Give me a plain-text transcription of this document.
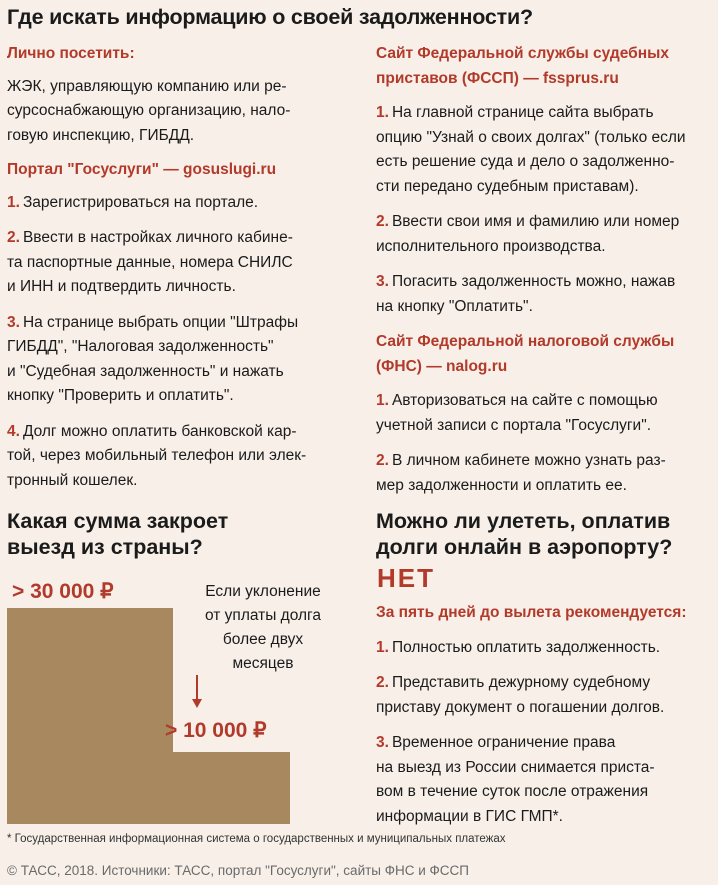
Где искать информацию о своей задолженности?

Лично посетить:

ЖЭК, управляющую компанию или ре-

сурсоснабжающую организацию, нало-

говую инспекцию, ГИБДД.

Портал "Госуслуги" — gosuslugi.ru

1. Зарегистрироваться на портале.

2. Ввести в настройках личного кабине-

та паспортные данные, номера СНИЛС

и ИНН и подтвердить личность.

3. На странице выбрать опции "Штрафы

ГИБДД", "Налоговая задолженность"

и "Судебная задолженность" и нажать

кнопку "Проверить и оплатить".

4. Долг можно оплатить банковской кар-

той, через мобильный телефон или элек-

тронный кошелек.

Сайт Федеральной службы судебных

приставов (ФССП) — fssprus.ru

1. На главной странице сайта выбрать

опцию "Узнай о своих долгах" (только если

есть решение суда и дело о задолженно-

сти передано судебным приставам).

2. Ввести свои имя и фамилию или номер

исполнительного производства.

3. Погасить задолженность можно, нажав

на кнопку "Оплатить".

Сайт Федеральной налоговой службы

(ФНС) — nalog.ru

1. Авторизоваться на сайте с помощью

учетной записи с портала "Госуслуги".

2. В личном кабинете можно узнать раз-

мер задолженности и оплатить ее.

Какая сумма закроет

выезд из страны?

> 30 000 ₽	Если уклонение
от уплаты долга
более двух
месяцев
> 10 000 ₽

Можно ли улететь, оплатив

долги онлайн в аэропорту?

НЕТ

За пять дней до вылета рекомендуется:

1. Полностью оплатить задолженность.

2. Представить дежурному судебному

приставу документ о погашении долгов.

3. Временное ограничение права

на выезд из России снимается приста-

вом в течение суток после отражения

информации в ГИС ГМП*.

* Государственная информационная система о государственных и муниципальных платежах
© ТАСС, 2018. Источники: ТАСС, портал "Госуслуги", сайты ФНС и ФССП
